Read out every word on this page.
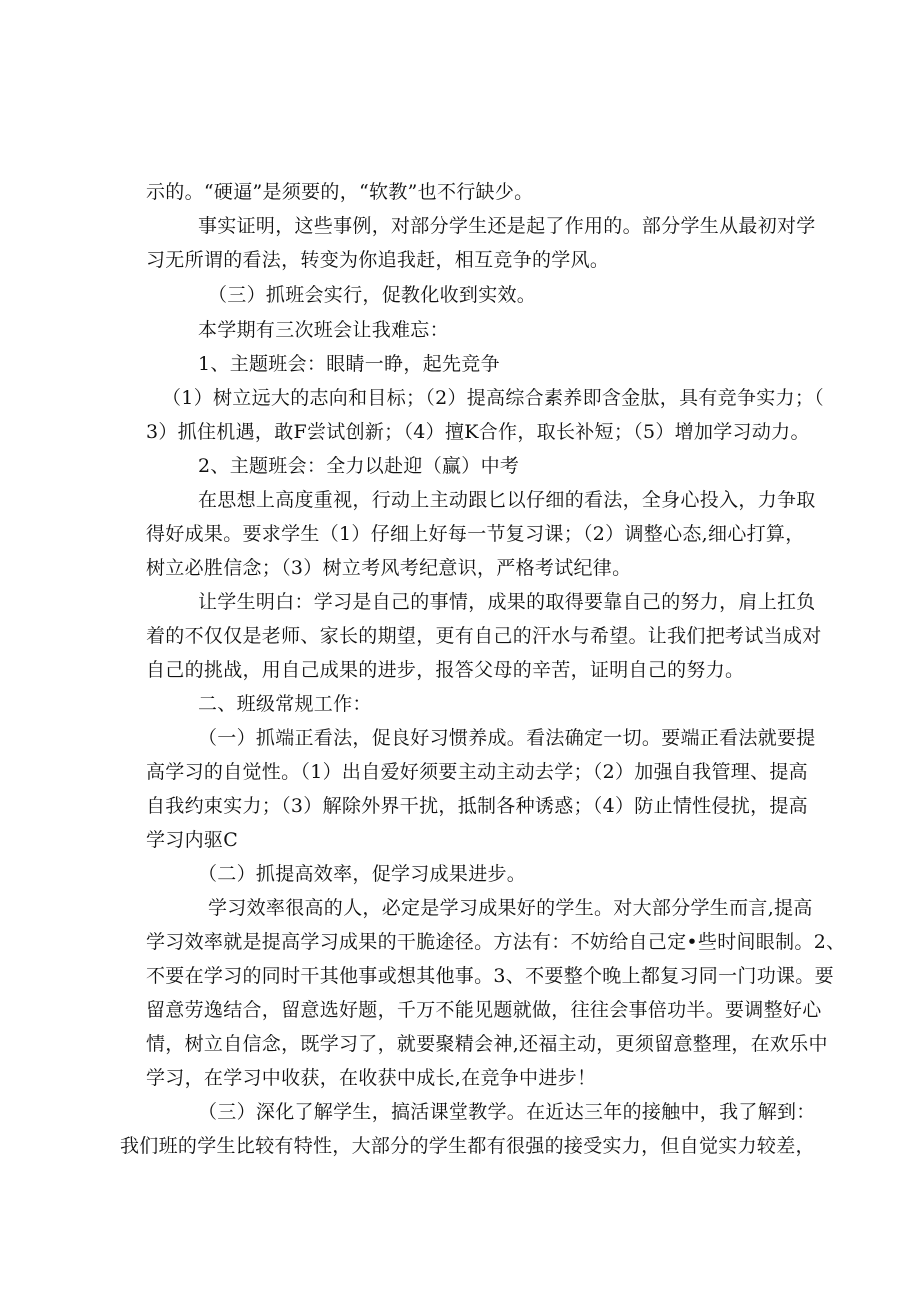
示的。“硬逼”是须要的，“软教”也不行缺少。
事实证明，这些事例，对部分学生还是起了作用的。部分学生从最初对学
习无所谓的看法，转变为你追我赶，相互竞争的学风。
（三）抓班会实行，促教化收到实效。
本学期有三次班会让我难忘：
1、主题班会：眼睛一睁，起先竞争
（1）树立远大的志向和目标；（2）提高综合素养即含金肽，具有竞争实力；（
3）抓住机遇，敢F尝试创新；（4）擅K合作，取长补短；（5）增加学习动力。
2、主题班会：全力以赴迎（赢）中考
在思想上高度重视，行动上主动跟匕以仔细的看法，全身心投入，力争取
得好成果。要求学生（1）仔细上好每一节复习课；（2）调整心态,细心打算，
树立必胜信念；（3）树立考风考纪意识，严格考试纪律。
让学生明白：学习是自己的事情，成果的取得要靠自己的努力，肩上扛负
着的不仅仅是老师、家长的期望，更有自己的汗水与希望。让我们把考试当成对
自己的挑战，用自己成果的进步，报答父母的辛苦，证明自己的努力。
二、班级常规工作：
（一）抓端正看法，促良好习惯养成。看法确定一切。要端正看法就要提
高学习的自觉性。（1）出自爱好须要主动主动去学；（2）加强自我管理、提高
自我约束实力；（3）解除外界干扰，抵制各种诱惑；（4）防止情性侵扰，提高
学习内驱C
（二）抓提高效率，促学习成果进步。
学习效率很高的人，必定是学习成果好的学生。对大部分学生而言,提高
学习效率就是提高学习成果的干脆途径。方法有：不妨给自己定•些时间眼制。2、
不要在学习的同时干其他事或想其他事。3、不要整个晚上都复习同一门功课。要
留意劳逸结合，留意选好题，千万不能见题就做，往往会事倍功半。要调整好心
情，树立自信念，既学习了，就要聚精会神,还福主动，更须留意整理，在欢乐中
学习，在学习中收获，在收获中成长,在竞争中进步！
（三）深化了解学生，搞活课堂教学。在近达三年的接触中，我了解到：
我们班的学生比较有特性，大部分的学生都有很强的接受实力，但自觉实力较差，
